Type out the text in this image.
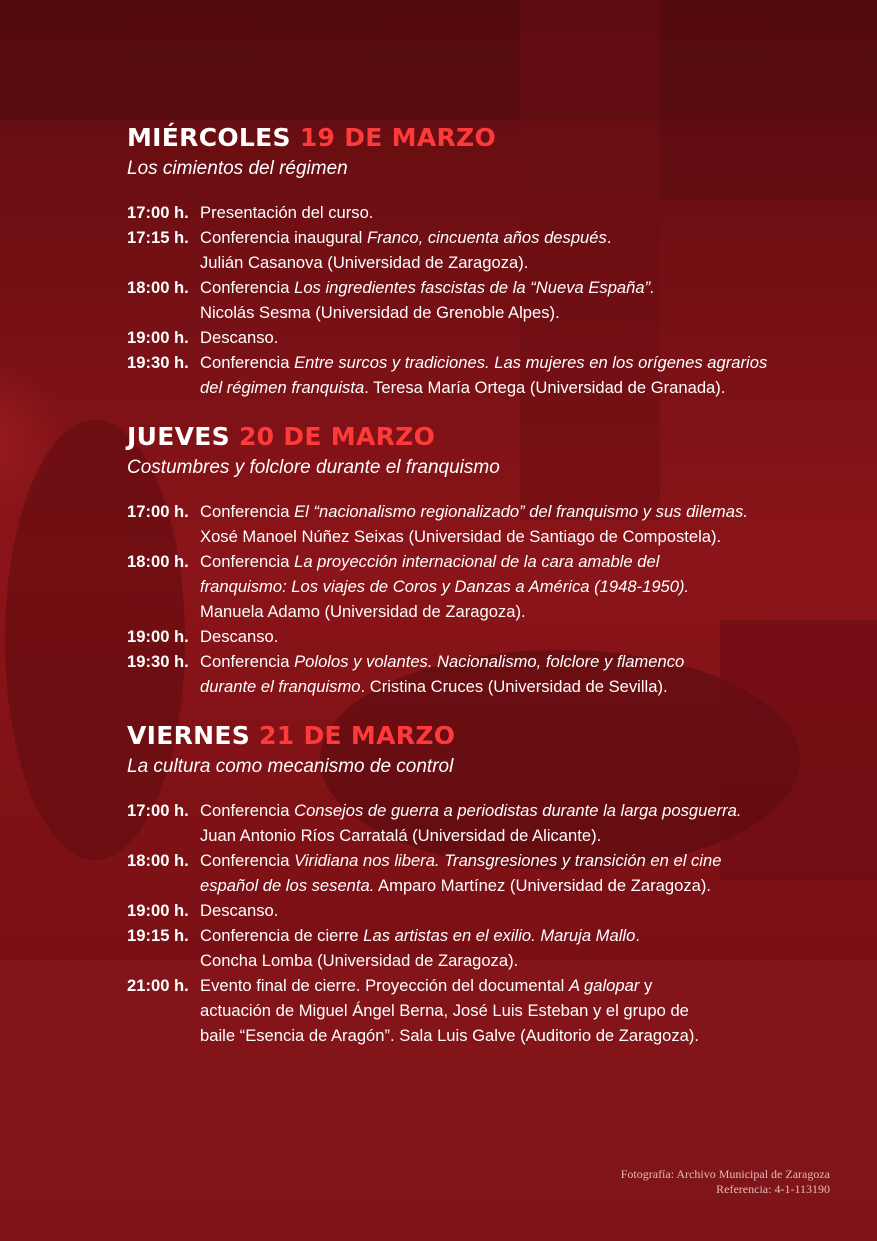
MIÉRCOLES 19 DE MARZO
Los cimientos del régimen
17:00 h. Presentación del curso.
17:15 h. Conferencia inaugural Franco, cincuenta años después.
Julián Casanova (Universidad de Zaragoza).
18:00 h. Conferencia Los ingredientes fascistas de la “Nueva España”.
Nicolás Sesma (Universidad de Grenoble Alpes).
19:00 h. Descanso.
19:30 h. Conferencia Entre surcos y tradiciones. Las mujeres en los orígenes agrarios
del régimen franquista. Teresa María Ortega (Universidad de Granada).
JUEVES 20 DE MARZO
Costumbres y folclore durante el franquismo
17:00 h. Conferencia El “nacionalismo regionalizado” del franquismo y sus dilemas.
Xosé Manoel Núñez Seixas (Universidad de Santiago de Compostela).
18:00 h. Conferencia La proyección internacional de la cara amable del
franquismo: Los viajes de Coros y Danzas a América (1948-1950).
Manuela Adamo (Universidad de Zaragoza).
19:00 h. Descanso.
19:30 h. Conferencia Pololos y volantes. Nacionalismo, folclore y flamenco
durante el franquismo. Cristina Cruces (Universidad de Sevilla).
VIERNES 21 DE MARZO
La cultura como mecanismo de control
17:00 h. Conferencia Consejos de guerra a periodistas durante la larga posguerra.
Juan Antonio Ríos Carratalá (Universidad de Alicante).
18:00 h. Conferencia Viridiana nos libera. Transgresiones y transición en el cine
español de los sesenta. Amparo Martínez (Universidad de Zaragoza).
19:00 h. Descanso.
19:15 h. Conferencia de cierre Las artistas en el exilio. Maruja Mallo.
Concha Lomba (Universidad de Zaragoza).
21:00 h. Evento final de cierre. Proyección del documental A galopar y
actuación de Miguel Ángel Berna, José Luis Esteban y el grupo de
baile “Esencia de Aragón”. Sala Luis Galve (Auditorio de Zaragoza).
Fotografía: Archivo Municipal de Zaragoza
Referencia: 4-1-113190
